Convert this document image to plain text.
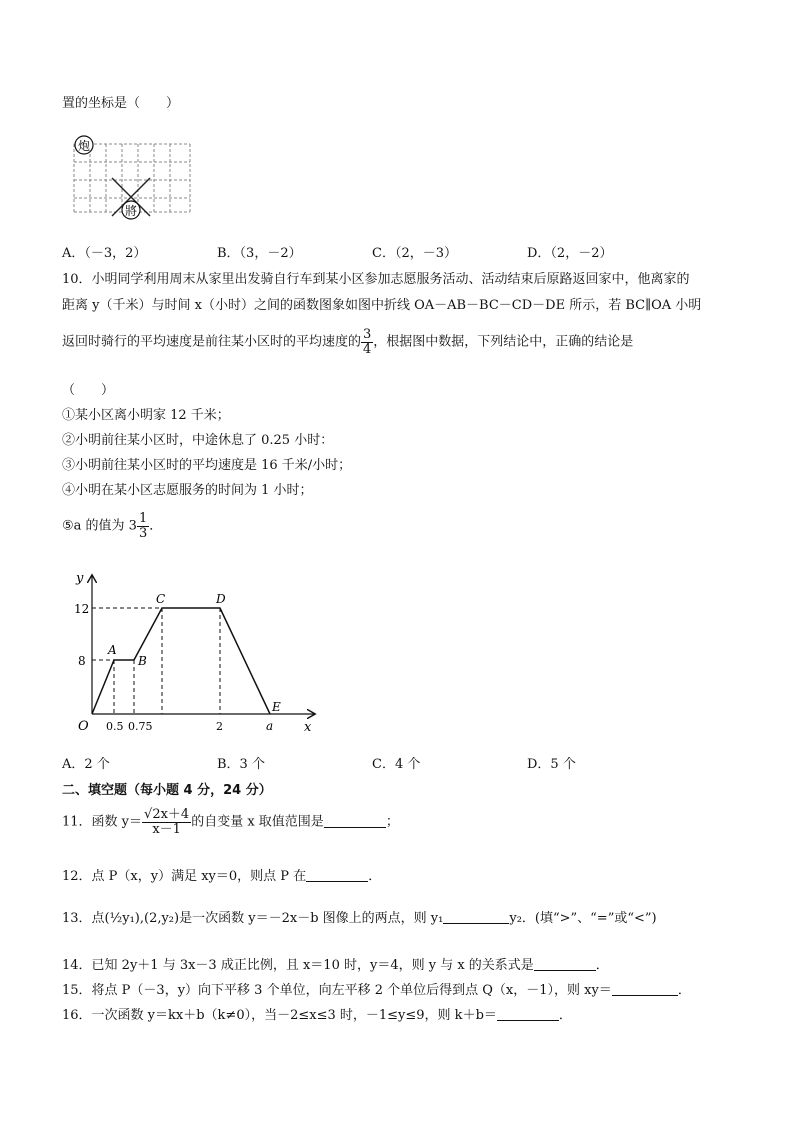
置的坐标是（　　）
炮
將
A．（－3，2）	B．（3，－2）	C．（2，－3）	D．（2，－2）
10．小明同学利用周末从家里出发骑自行车到某小区参加志愿服务活动、活动结束后原路返回家中，他离家的
距离 y（千米）与时间 x（小时）之间的函数图象如图中折线 OA－AB－BC－CD－DE 所示，若 BC∥OA 小明
返回时骑行的平均速度是前往某小区时的平均速度的 $\frac{3}{4}$ ，根据图中数据，下列结论中，正确的结论是
（　　）
①某小区离小明家 12 千米；
②小明前往某小区时，中途休息了 0.25 小时：
③小明前往某小区时的平均速度是 16 千米/小时；
④小明在某小区志愿服务的时间为 1 小时；
⑤a 的值为 $3 \frac{1}{3}$ ．
x
y
O
12
8
0.5 0.75	2	a
A
B
C	D
E
A．2 个	B．3 个	C．4 个	D．5 个
二、填空题（每小题 4 分，24 分）
11．函数 $y= \frac{√2x+4}{x-1}$ 的自变量 x 取值范围是	；
12．点 P（x，y）满足 xy＝0，则点 P 在	．
13．点(½y₁),(2,y₂)是一次函数 y＝－2x－b 图像上的两点，则 y₁	y₂．(填“>”、“=”或“<”)
14．已知 2y＋1 与 3x－3 成正比例，且 x＝10 时，y＝4，则 y 与 x 的关系式是	．
15．将点 P（－3，y）向下平移 3 个单位，向左平移 2 个单位后得到点 Q（x，－1），则 xy＝	．
16．一次函数 y＝kx＋b（k≠0），当－2≤x≤3 时，－1≤y≤9，则 k＋b＝	．
